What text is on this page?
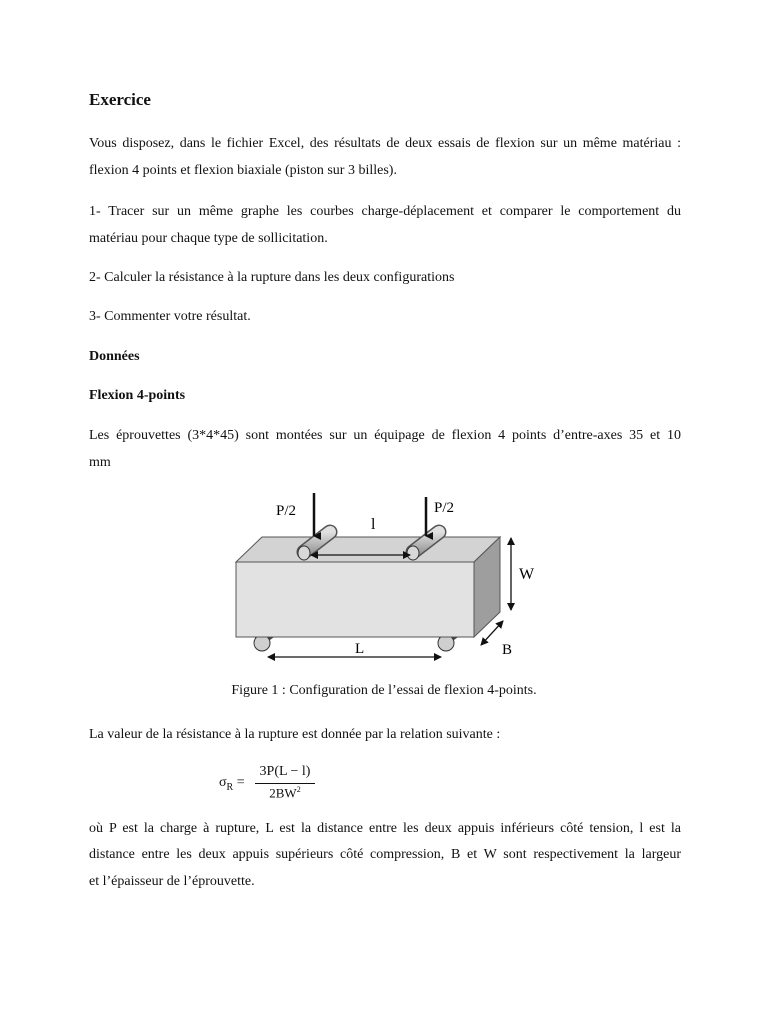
Exercice
Vous disposez, dans le fichier Excel, des résultats de deux essais de flexion sur un même matériau :
flexion 4 points et flexion biaxiale (piston sur 3 billes).
1- Tracer sur un même graphe les courbes charge-déplacement et comparer le comportement du
matériau pour chaque type de sollicitation.
2- Calculer la résistance à la rupture dans les deux configurations
3- Commenter votre résultat.
Données
Flexion 4-points
Les éprouvettes (3*4*45) sont montées sur un équipage de flexion 4 points d’entre-axes 35 et 10
mm
P/2	P/2
l
L
W
B
Figure 1 : Configuration de l’essai de flexion 4-points.
La valeur de la résistance à la rupture est donnée par la relation suivante :
$\sigma_R$ =
3P(L − l)
$2BW^2$
où P est la charge à rupture, L est la distance entre les deux appuis inférieurs côté tension, l est la
distance entre les deux appuis supérieurs côté compression, B et W sont respectivement la largeur
et l’épaisseur de l’éprouvette.
